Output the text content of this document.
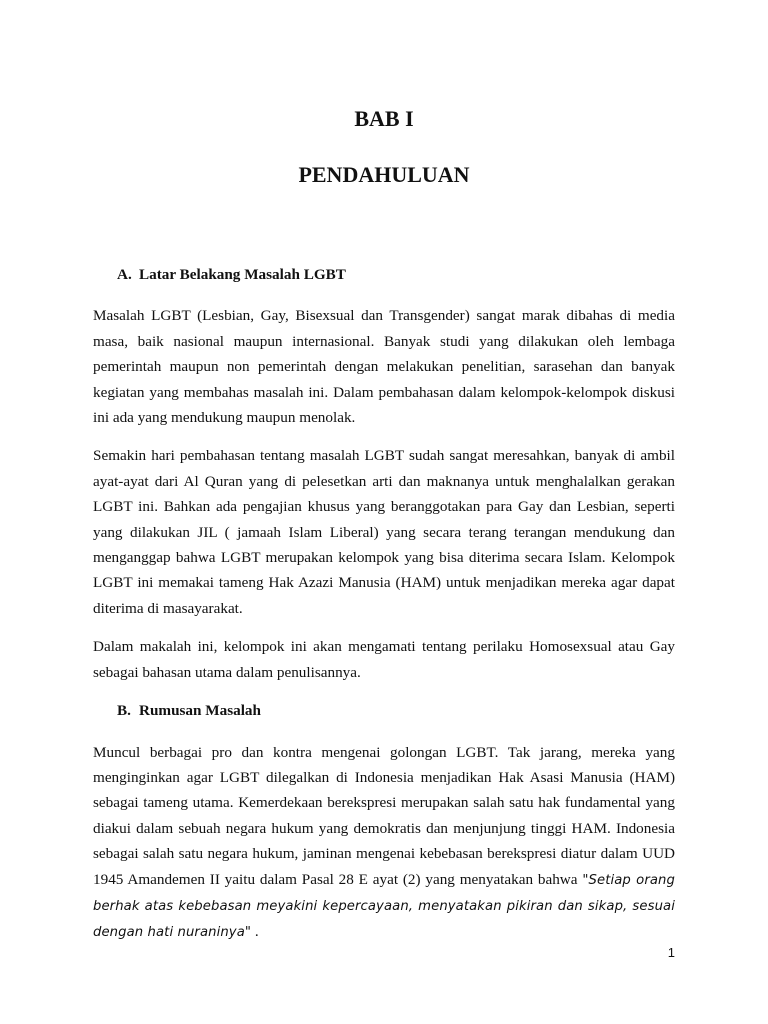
BAB I
PENDAHULUAN
A. Latar Belakang Masalah LGBT

Masalah LGBT (Lesbian, Gay, Bisexsual dan Transgender) sangat marak dibahas di media masa, baik nasional maupun internasional. Banyak studi yang dilakukan oleh lembaga pemerintah maupun non pemerintah dengan melakukan penelitian, sarasehan dan banyak kegiatan yang membahas masalah ini. Dalam pembahasan dalam kelompok-kelompok diskusi ini ada yang mendukung maupun menolak.

Semakin hari pembahasan tentang masalah LGBT sudah sangat meresahkan, banyak di ambil ayat-ayat dari Al Quran yang di pelesetkan arti dan maknanya untuk menghalalkan gerakan LGBT ini. Bahkan ada pengajian khusus yang beranggotakan para Gay dan Lesbian, seperti yang dilakukan JIL ( jamaah Islam Liberal) yang secara terang terangan mendukung dan menganggap bahwa LGBT merupakan kelompok yang bisa diterima secara Islam. Kelompok LGBT ini memakai tameng Hak Azazi Manusia (HAM) untuk menjadikan mereka agar dapat diterima di masayarakat.

Dalam makalah ini, kelompok ini akan mengamati tentang perilaku Homosexsual atau Gay sebagai bahasan utama dalam penulisannya.

B. Rumusan Masalah

Muncul berbagai pro dan kontra mengenai golongan LGBT. Tak jarang, mereka yang menginginkan agar LGBT dilegalkan di Indonesia menjadikan Hak Asasi Manusia (HAM) sebagai tameng utama. Kemerdekaan berekspresi merupakan salah satu hak fundamental yang diakui dalam sebuah negara hukum yang demokratis dan menjunjung tinggi HAM. Indonesia sebagai salah satu negara hukum, jaminan mengenai kebebasan berekspresi diatur dalam UUD 1945 Amandemen II yaitu dalam Pasal 28 E ayat (2) yang menyatakan bahwa "Setiap orang berhak atas kebebasan meyakini kepercayaan, menyatakan pikiran dan sikap, sesuai dengan hati nuraninya" .

1
